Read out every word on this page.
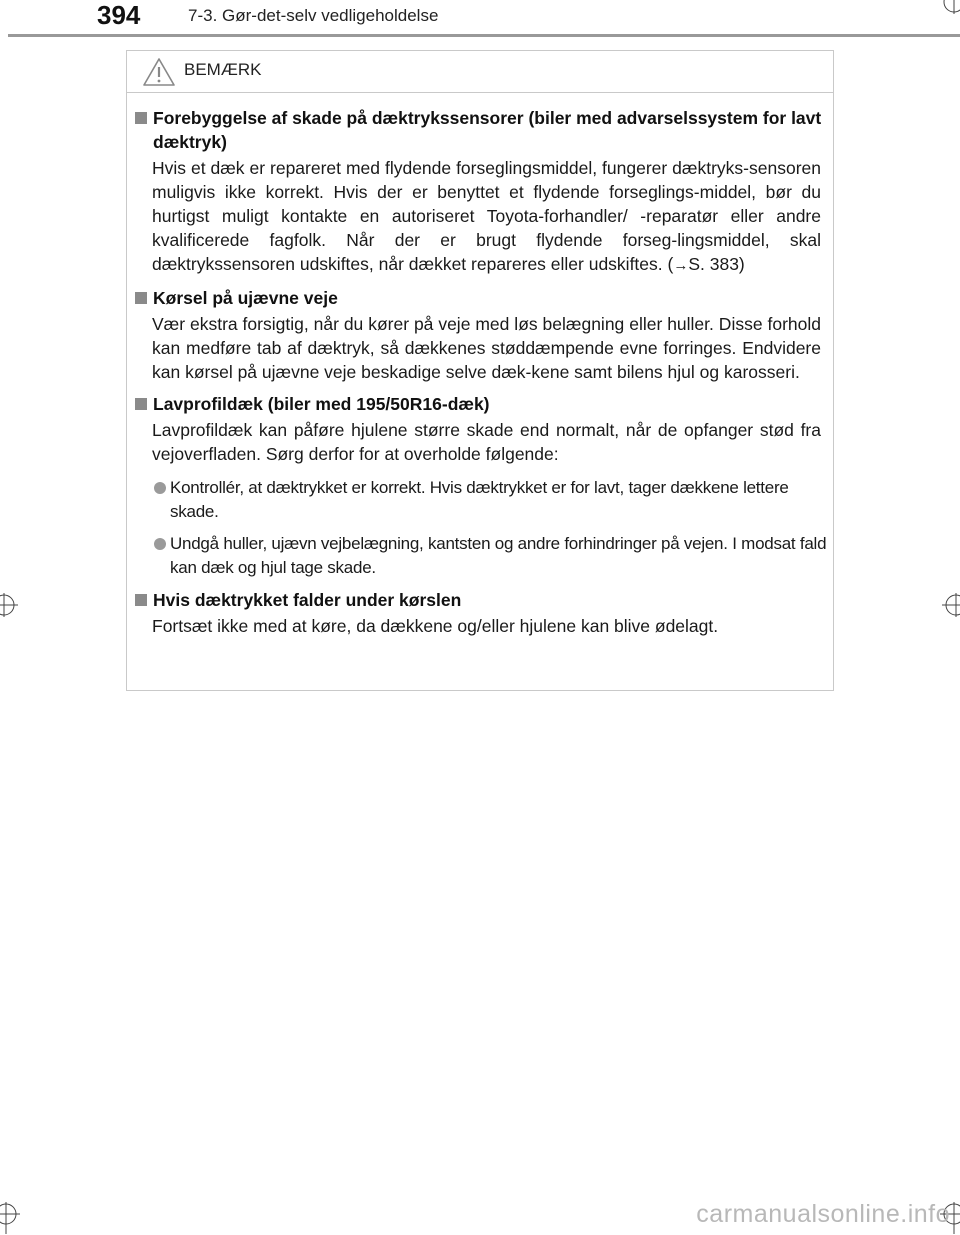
394	7-3. Gør-det-selv vedligeholdelse
BEMÆRK
Forebyggelse af skade på dæktrykssensorer (biler med advarselssystem for lavt dæktryk)
Hvis et dæk er repareret med flydende forseglingsmiddel, fungerer dæktryks-sensoren muligvis ikke korrekt. Hvis der er benyttet et flydende forseglings-middel, bør du hurtigst muligt kontakte en autoriseret Toyota-forhandler/ -reparatør eller andre kvalificerede fagfolk. Når der er brugt flydende forseg-lingsmiddel, skal dæktrykssensoren udskiftes, når dækket repareres eller udskiftes. (→S. 383)
Kørsel på ujævne veje
Vær ekstra forsigtig, når du kører på veje med løs belægning eller huller. Disse forhold kan medføre tab af dæktryk, så dækkenes støddæmpende evne forringes. Endvidere kan kørsel på ujævne veje beskadige selve dæk-kene samt bilens hjul og karosseri.
Lavprofildæk (biler med 195/50R16-dæk)
Lavprofildæk kan påføre hjulene større skade end normalt, når de opfanger stød fra vejoverfladen. Sørg derfor for at overholde følgende:
Kontrollér, at dæktrykket er korrekt. Hvis dæktrykket er for lavt, tager dækkene lettere skade.
Undgå huller, ujævn vejbelægning, kantsten og andre forhindringer på vejen. I modsat fald kan dæk og hjul tage skade.
Hvis dæktrykket falder under kørslen
Fortsæt ikke med at køre, da dækkene og/eller hjulene kan blive ødelagt.
carmanualsonline.info
